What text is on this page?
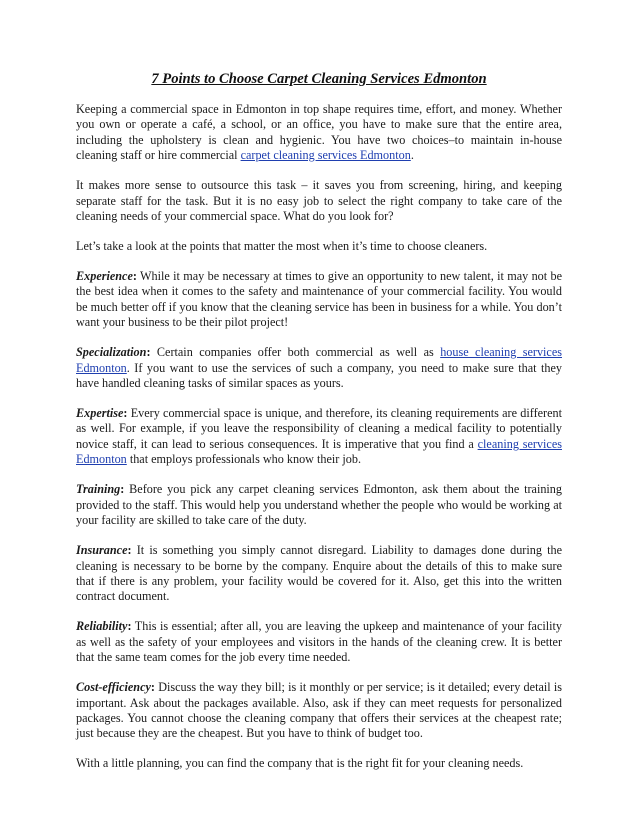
7 Points to Choose Carpet Cleaning Services Edmonton

Keeping a commercial space in Edmonton in top shape requires time, effort, and money. Whether you own or operate a café, a school, or an office, you have to make sure that the entire area, including the upholstery is clean and hygienic. You have two choices–to maintain in-house cleaning staff or hire commercial carpet cleaning services Edmonton.

It makes more sense to outsource this task – it saves you from screening, hiring, and keeping separate staff for the task. But it is no easy job to select the right company to take care of the cleaning needs of your commercial space. What do you look for?

Let’s take a look at the points that matter the most when it’s time to choose cleaners.

Experience: While it may be necessary at times to give an opportunity to new talent, it may not be the best idea when it comes to the safety and maintenance of your commercial facility. You would be much better off if you know that the cleaning service has been in business for a while. You don’t want your business to be their pilot project!

Specialization: Certain companies offer both commercial as well as house cleaning services Edmonton. If you want to use the services of such a company, you need to make sure that they have handled cleaning tasks of similar spaces as yours.

Expertise: Every commercial space is unique, and therefore, its cleaning requirements are different as well. For example, if you leave the responsibility of cleaning a medical facility to potentially novice staff, it can lead to serious consequences. It is imperative that you find a cleaning services Edmonton that employs professionals who know their job.

Training: Before you pick any carpet cleaning services Edmonton, ask them about the training provided to the staff. This would help you understand whether the people who would be working at your facility are skilled to take care of the duty.

Insurance: It is something you simply cannot disregard. Liability to damages done during the cleaning is necessary to be borne by the company. Enquire about the details of this to make sure that if there is any problem, your facility would be covered for it. Also, get this into the written contract document.

Reliability: This is essential; after all, you are leaving the upkeep and maintenance of your facility as well as the safety of your employees and visitors in the hands of the cleaning crew. It is better that the same team comes for the job every time needed.

Cost-efficiency: Discuss the way they bill; is it monthly or per service; is it detailed; every detail is important. Ask about the packages available. Also, ask if they can meet requests for personalized packages. You cannot choose the cleaning company that offers their services at the cheapest rate; just because they are the cheapest. But you have to think of budget too.

With a little planning, you can find the company that is the right fit for your cleaning needs.
